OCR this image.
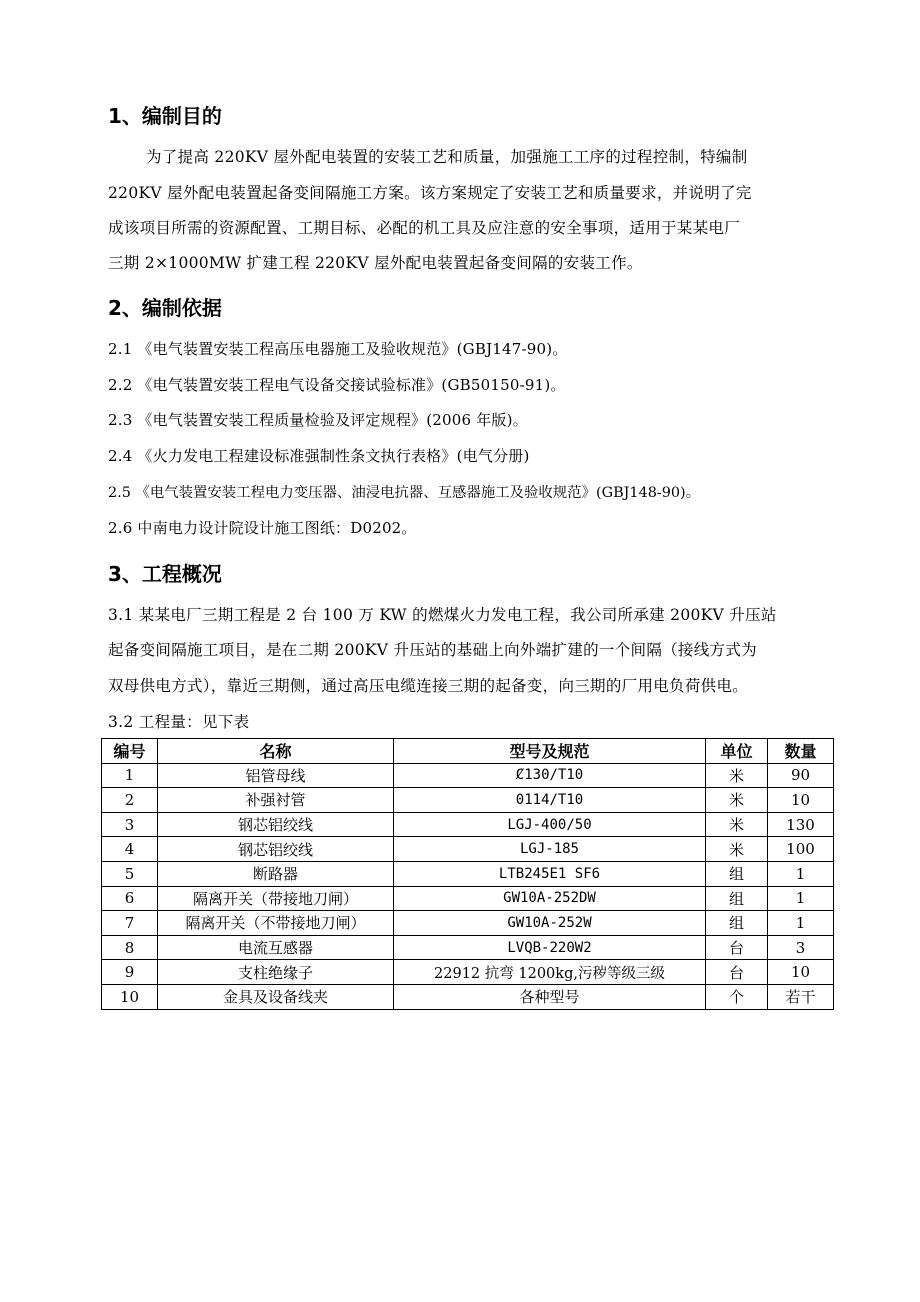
1、编制目的
为了提高 220KV 屋外配电装置的安装工艺和质量，加强施工工序的过程控制，特编制
220KV 屋外配电装置起备变间隔施工方案。该方案规定了安装工艺和质量要求，并说明了完
成该项目所需的资源配置、工期目标、必配的机工具及应注意的安全事项，适用于某某电厂
三期 2×1000MW 扩建工程 220KV 屋外配电装置起备变间隔的安装工作。
2、编制依据
2.1 《电气装置安装工程高压电器施工及验收规范》(GBJ147-90)。
2.2 《电气装置安装工程电气设备交接试验标准》(GB50150-91)。
2.3 《电气装置安装工程质量检验及评定规程》(2006 年版)。
2.4 《火力发电工程建设标准强制性条文执行表格》(电气分册)
2.5 《电气装置安装工程电力变压器、油浸电抗器、互感器施工及验收规范》(GBJ148-90)。
2.6 中南电力设计院设计施工图纸：D0202。
3、工程概况
3.1 某某电厂三期工程是 2 台 100 万 KW 的燃煤火力发电工程，我公司所承建 200KV 升压站
起备变间隔施工项目，是在二期 200KV 升压站的基础上向外端扩建的一个间隔（接线方式为
双母供电方式），靠近三期侧，通过高压电缆连接三期的起备变，向三期的厂用电负荷供电。
3.2 工程量：见下表
编号	名称	型号及规范	单位	数量
1	铝管母线	Ȼ130/T10	米	90
2	补强衬管	0114/T10	米	10
3	钢芯铝绞线	LGJ-400/50	米	130
4	钢芯铝绞线	LGJ-185	米	100
5	断路器	LTB245E1 SF6	组	1
6	隔离开关（带接地刀闸）	GW10A-252DW	组	1
7	隔离开关（不带接地刀闸）	GW10A-252W	组	1
8	电流互感器	LVQB-220W2	台	3
9	支柱绝缘子	22912 抗弯 1200kg,污秽等级三级	台	10
10	金具及设备线夹	各种型号	个	若干
